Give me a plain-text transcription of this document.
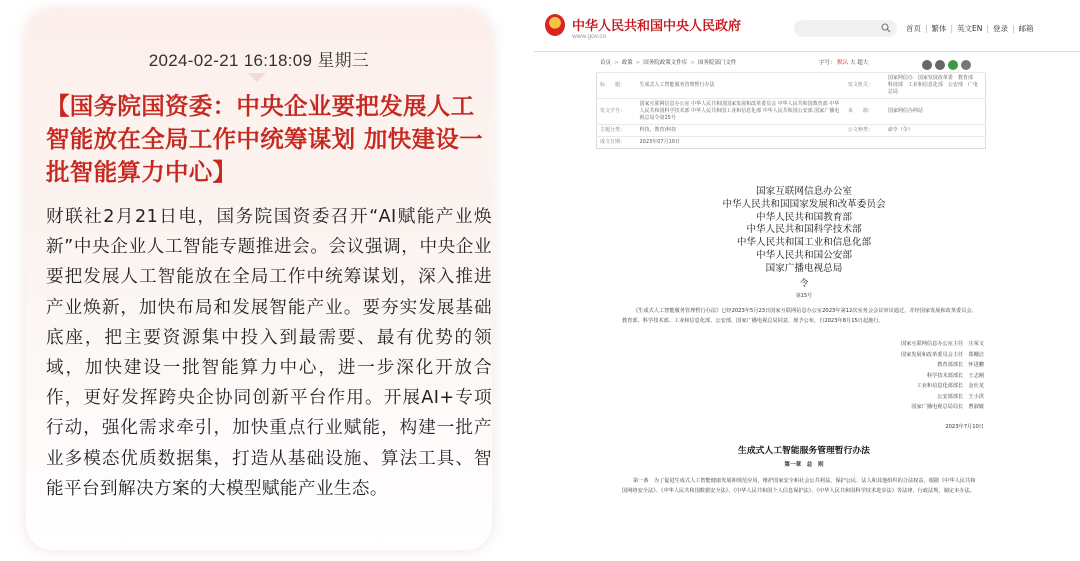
2024-02-21 16:18:09 星期三
【国务院国资委：中央企业要把发展人工智能放在全局工作中统筹谋划 加快建设一批智能算力中心】
财联社2月21日电，国务院国资委召开“AI赋能产业焕新”中央企业人工智能专题推进会。会议强调，中央企业要把发展人工智能放在全局工作中统筹谋划，深入推进产业焕新，加快布局和发展智能产业。要夯实发展基础底座，把主要资源集中投入到最需要、最有优势的领域，加快建设一批智能算力中心，进一步深化开放合作，更好发挥跨央企协同创新平台作用。开展AI+专项行动，强化需求牵引，加快重点行业赋能，构建一批产业多模态优质数据集，打造从基础设施、算法工具、智能平台到解决方案的大模型赋能产业生态。
中华人民共和国中央人民政府
www.gov.cn
首页 | 繁体 | 英文EN | 登录 | 邮箱
首页 > 政策 > 国务院政策文件库 > 国务院部门文件	字号： 默认 大 超大
标　　题：	生成式人工智能服务管理暂行办法	发文机关：	国家网信办　国家发展改革委　教育部　科技部　工业和信息化部　公安部　广电总局
发文字号：	国家互联网信息办公室 中华人民共和国国家发展和改革委员会 中华人民共和国教育部 中华人民共和国科学技术部 中华人民共和国工业和信息化部 中华人民共和国公安部 国家广播电视总局令第15号	来　　源：	国家网信办网站
主题分类：	科技、教育\科技	公文种类：	命令（令）
成文日期：	2023年07月10日		
国家互联网信息办公室
中华人民共和国国家发展和改革委员会
中华人民共和国教育部
中华人民共和国科学技术部
中华人民共和国工业和信息化部
中华人民共和国公安部
国家广播电视总局
令
第15号
《生成式人工智能服务管理暂行办法》已经2023年5月23日国家互联网信息办公室2023年第12次室务会会议审议通过，并经国家发展和改革委员会、教育部、科学技术部、工业和信息化部、公安部、国家广播电视总局同意，现予公布，自2023年8月15日起施行。
国家互联网信息办公室主任　庄荣文
国家发展和改革委员会主任　郑栅洁
教育部部长　怀进鹏
科学技术部部长　王志刚
工业和信息化部部长　金壮龙
公安部部长　王小洪
国家广播电视总局局长　曹淑敏
2023年7月10日
生成式人工智能服务管理暂行办法
第一章　总　则
第一条　为了促进生成式人工智能健康发展和规范应用，维护国家安全和社会公共利益，保护公民、法人和其他组织的合法权益，根据《中华人民共和国网络安全法》、《中华人民共和国数据安全法》、《中华人民共和国个人信息保护法》、《中华人民共和国科学技术进步法》等法律、行政法规，制定本办法。
